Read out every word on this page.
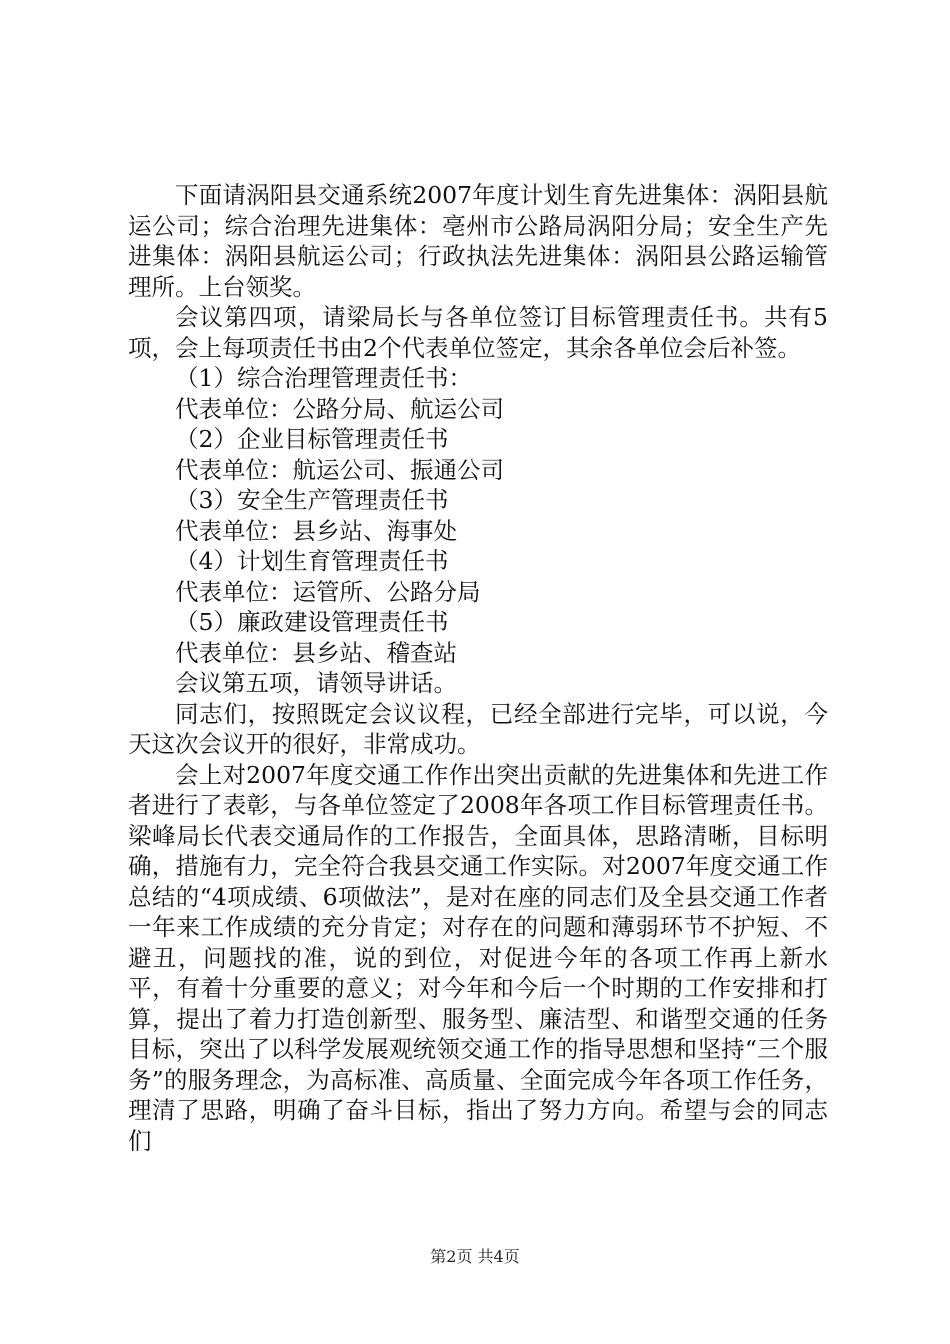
下面请涡阳县交通系统2007年度计划生育先进集体：涡阳县航运公司；综合治理先进集体：亳州市公路局涡阳分局；安全生产先进集体：涡阳县航运公司；行政执法先进集体：涡阳县公路运输管理所。上台领奖。

会议第四项，请梁局长与各单位签订目标管理责任书。共有5项，会上每项责任书由2个代表单位签定，其余各单位会后补签。

（1）综合治理管理责任书：

代表单位：公路分局、航运公司

（2）企业目标管理责任书

代表单位：航运公司、振通公司

（3）安全生产管理责任书

代表单位：县乡站、海事处

（4）计划生育管理责任书

代表单位：运管所、公路分局

（5）廉政建设管理责任书

代表单位：县乡站、稽查站

会议第五项，请领导讲话。

同志们，按照既定会议议程，已经全部进行完毕，可以说，今天这次会议开的很好，非常成功。

会上对2007年度交通工作作出突出贡献的先进集体和先进工作者进行了表彰，与各单位签定了2008年各项工作目标管理责任书。梁峰局长代表交通局作的工作报告，全面具体，思路清晰，目标明确，措施有力，完全符合我县交通工作实际。对2007年度交通工作总结的“4项成绩、6项做法”，是对在座的同志们及全县交通工作者一年来工作成绩的充分肯定；对存在的问题和薄弱环节不护短、不避丑，问题找的准，说的到位，对促进今年的各项工作再上新水平，有着十分重要的意义；对今年和今后一个时期的工作安排和打算，提出了着力打造创新型、服务型、廉洁型、和谐型交通的任务目标，突出了以科学发展观统领交通工作的指导思想和坚持“三个服务”的服务理念，为高标准、高质量、全面完成今年各项工作任务，理清了思路，明确了奋斗目标，指出了努力方向。希望与会的同志们

第2页 共4页
